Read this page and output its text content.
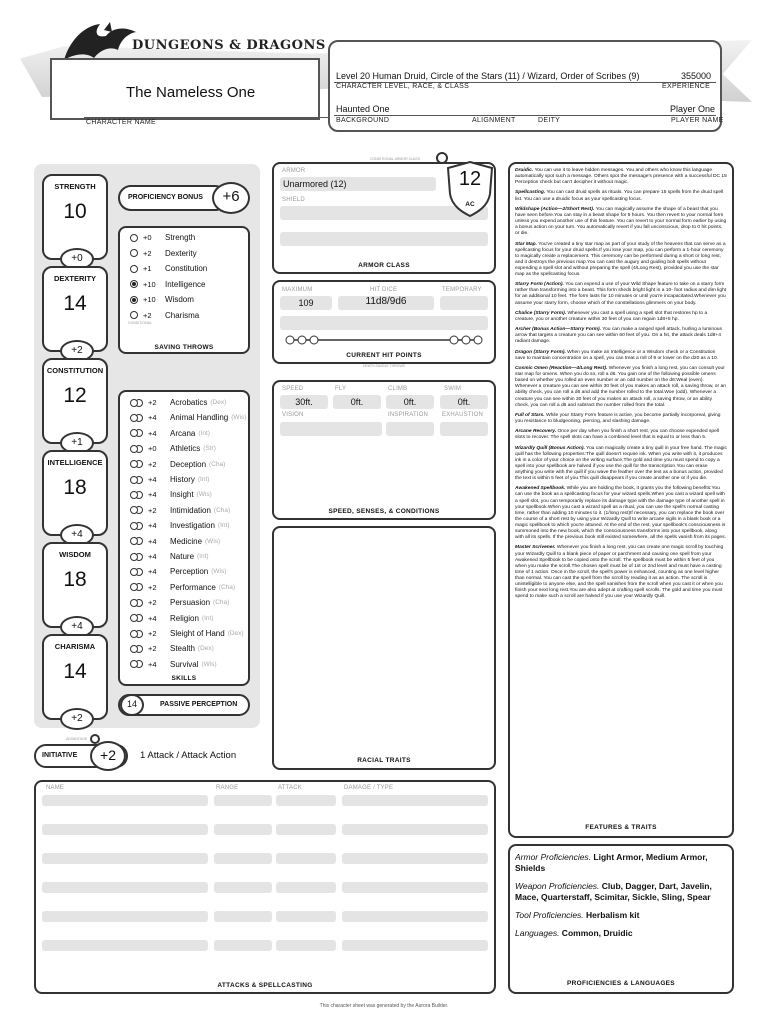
DUNGEONS & DRAGONS
The Nameless One
CHARACTER NAME
Level 20 Human Druid, Circle of the Stars (11) / Wizard, Order of Scribes (9)	355000
CHARACTER LEVEL, RACE, & CLASS	EXPERIENCE
Haunted One	Player One
BACKGROUND	ALIGNMENT	DEITY	PLAYER NAME
STRENGTH
10
+0
DEXTERITY
14
+2
CONSTITUTION
12
+1
INTELLIGENCE
18
+4
WISDOM
18
+4
CHARISMA
14
+2
PROFICIENCY BONUS	+6
+0	Strength
+2	Dexterity
+1	Constitution
+10	Intelligence
+10	Wisdom
+2	Charisma
CONDITIONAL
SAVING THROWS
+2	Acrobatics (Dex)
+4	Animal Handling (Wis)
+4	Arcana (Int)
+0	Athletics (Str)
+2	Deception (Cha)
+4	History (Int)
+4	Insight (Wis)
+2	Intimidation (Cha)
+4	Investigation (Int)
+4	Medicine (Wis)
+4	Nature (Int)
+4	Perception (Wis)
+2	Performance (Cha)
+2	Persuasion (Cha)
+4	Religion (Int)
+2	Sleight of Hand (Dex)
+2	Stealth (Dex)
+4	Survival (Wis)
SKILLS
14	PASSIVE PERCEPTION
CONDITIONAL ARMOR CLASS
ARMOR
Unarmored (12)
SHIELD
12
AC
ARMOR CLASS
MAXIMUM	HIT DICE	TEMPORARY
109	11d8/9d6
CURRENT HIT POINTS
DEATH SAVING THROWS
SPEED	FLY	CLIMB	SWIM
30ft.	0ft.	0ft.	0ft.
VISION	INSPIRATION EXHAUSTION
SPEED, SENSES, & CONDITIONS
RACIAL TRAITS
ADVANTAGE
INITIATIVE	+2	1 Attack / Attack Action
NAME	RANGE	ATTACK	DAMAGE / TYPE
ATTACKS & SPELLCASTING

Druidic. You can use it to leave hidden messages. You and others who know this language automatically spot such a message. Others spot the message's presence with a successful DC 15 Perception check but can't decipher it without magic.

Spellcasting. You can cast druid spells as rituals. You can prepare 15 spells from the druid spell list. You can use a druidic focus as your spellcasting focus.

Wildshape (Action—2/Short Rest). You can magically assume the shape of a beast that you have seen before.You can stay in a beast shape for 5 hours. You then revert to your normal form unless you expend another use of this feature. You can revert to your normal form earlier by using a bonus action on your turn. You automatically revert if you fall unconscious, drop to 0 hit points, or die.

Star Map. You've created a tiny star map as part of your study of the heavens that can serve as a spellcasting focus for your druid spells.If you lose your map, you can perform a 1-hour ceremony to magically create a replacement. This ceremony can be performed during a short or long rest, and it destroys the previous map.You can cast the augury and guiding bolt spells without expending a spell slot and without preparing the spell (4/Long Rest), provided you use the star map as the spellcasting focus.

Starry Form (Action). You can expend a use of your Wild Shape feature to take on a starry form rather than transforming into a beast. This form sheds bright light in a 10- foot radius and dim light for an additional 10 feet. The form lasts for 10 minutes or until you're incapacitated.Whenever you assume your starry form, choose which of the constellations glimmers on your body.

Chalice (Starry Form). Whenever you cast a spell using a spell slot that restores hp to a creature, you or another creature within 30 feet of you can regain 1d8+5 hp.

Archer (Bonus Action—Starry Form). You can make a ranged spell attack, hurling a luminous arrow that targets a creature you can see within 60 feet of you. On a hit, the attack deals 1d8+4 radiant damage.

Dragon (Starry Form). When you make an Intelligence or a Wisdom check or a Constitution save to maintain concentration on a spell, you can treat a roll of 9 or lower on the d20 as a 10.

Cosmic Omen (Reaction—4/Long Rest). Whenever you finish a long rest, you can consult your star map for omens. When you do so, roll a d6. You gain one of the following possible omens based on whether you rolled an even number or an odd number on the d6:Weal (even). Whenever a creature you can see within 30 feet of you makes an attack roll, a saving throw, or an ability check, you can roll a d6 and add the number rolled to the total.Woe (odd). Whenever a creature you can see within 30 feet of you makes an attack roll, a saving throw, or an ability check, you can roll a d6 and subtract the number rolled from the total.

Full of Stars. While your Starry Form feature is active, you become partially incorporeal, giving you resistance to bludgeoning, piercing, and slashing damage.

Arcane Recovery. Once per day when you finish a short rest, you can choose expended spell slots to recover. The spell slots can have a combined level that is equal to or less than 5.

Wizardly Quill (Bonus Action). You can magically create a tiny quill in your free hand. The magic quill has the following properties:The quill doesn't require ink. When you write with it, it produces ink in a color of your choice on the writing surface.The gold and time you must spend to copy a spell into your spellbook are halved if you use the quill for the transcription.You can erase anything you write with the quill if you wave the feather over the text as a bonus action, provided the text is within 5 feet of you.This quill disappears if you create another one or if you die.

Awakened Spellbook. While you are holding the book, it grants you the following benefits:You can use the book as a spellcasting focus for your wizard spells.When you cast a wizard spell with a spell slot, you can temporarily replace its damage type with the damage type of another spell in your spellbook.When you cast a wizard spell as a ritual, you can use the spell's normal casting time, rather than adding 10 minutes to it. (1/long rest)If necessary, you can replace the book over the course of a short rest by using your Wizardly Quill to write arcane sigils in a blank book or a magic spellbook to which you're attuned. At the end of the rest, your spellbook's consciousness is summoned into the new book, which the consciousness transforms into your spellbook, along with all its spells. If the previous book still existed somewhere, all the spells vanish from its pages.

Master Scrivener. Whenever you finish a long rest, you can create one magic scroll by touching your Wizardly Quill to a blank piece of paper or parchment and causing one spell from your Awakened Spellbook to be copied onto the scroll. The spellbook must be within 5 feet of you when you make the scroll.The chosen spell must be of 1st or 2nd level and must have a casting time of 1 action. Once in the scroll, the spell's power is enhanced, counting as one level higher than normal. You can cast the spell from the scroll by reading it as an action. The scroll is unintelligible to anyone else, and the spell vanishes from the scroll when you cast it or when you finish your next long rest.You are also adept at crafting spell scrolls. The gold and time you must spend to make such a scroll are halved if you use your Wizardly Quill.

FEATURES & TRAITS

Armor Proficiencies. Light Armor, Medium Armor, Shields

Weapon Proficiencies. Club, Dagger, Dart, Javelin, Mace, Quarterstaff, Scimitar, Sickle, Sling, Spear

Tool Proficiencies. Herbalism kit

Languages. Common, Druidic

PROFICIENCIES & LANGUAGES
This character sheet was generated by the Aurora Builder.
